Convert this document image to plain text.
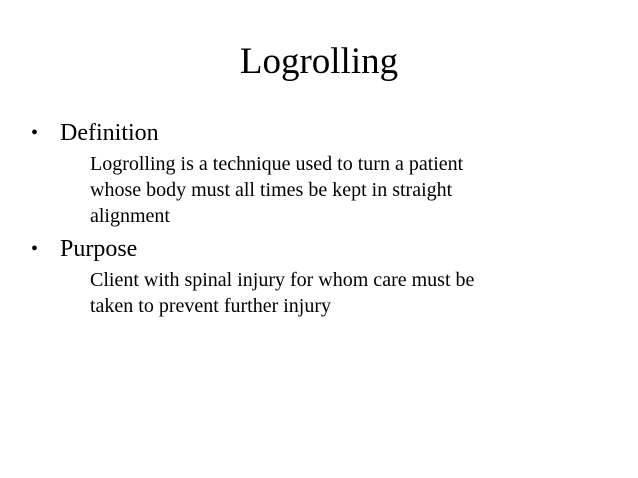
Logrolling
• Definition
Logrolling is a technique used to turn a patient
whose body must all times be kept in straight
alignment
• Purpose
Client with spinal injury for whom care must be
taken to prevent further injury
